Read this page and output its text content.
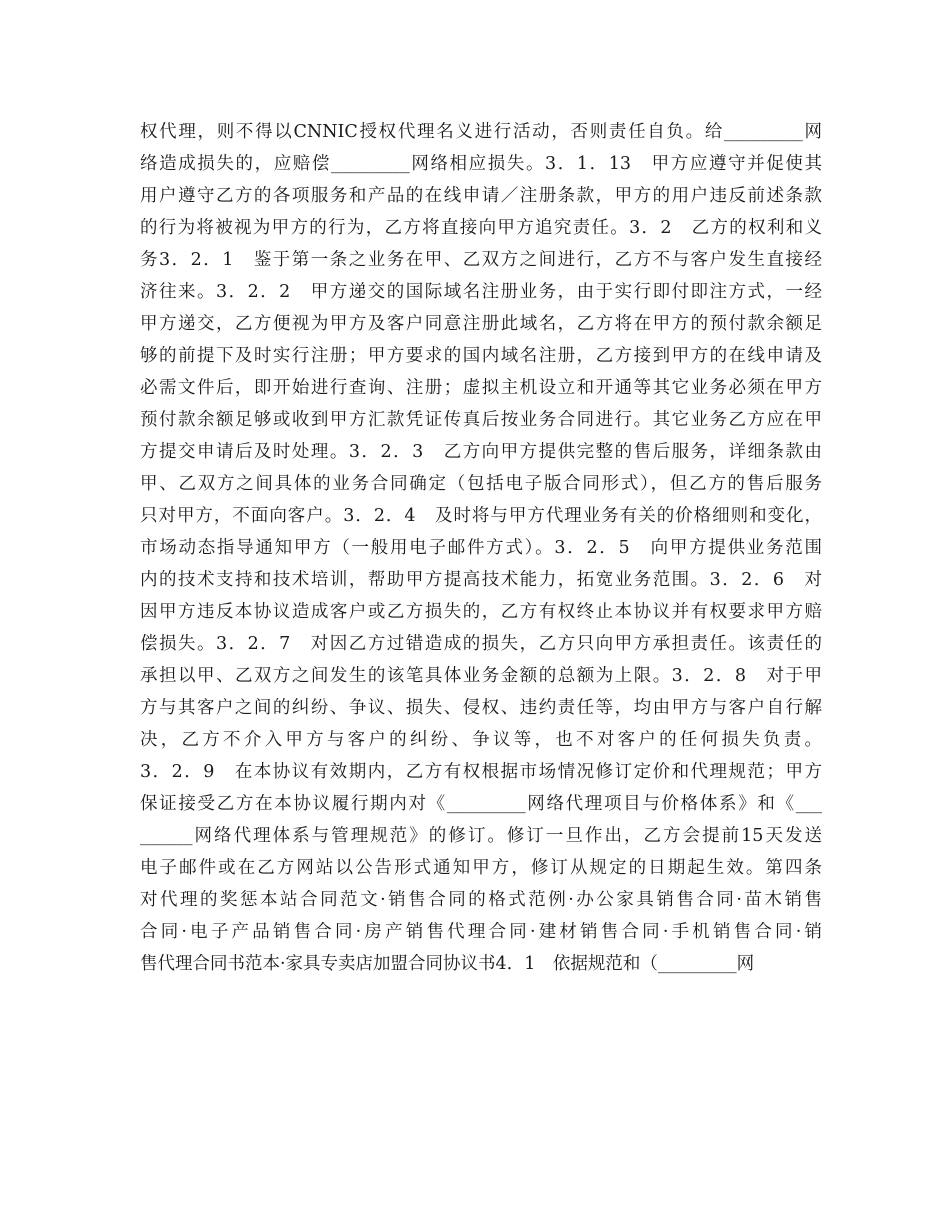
权代理，则不得以CNNIC授权代理名义进行活动，否则责任自负。给_________网
络造成损失的，应赔偿_________网络相应损失。3．1．13　甲方应遵守并促使其
用户遵守乙方的各项服务和产品的在线申请／注册条款，甲方的用户违反前述条款
的行为将被视为甲方的行为，乙方将直接向甲方追究责任。3．2　乙方的权利和义
务3．2．1　鉴于第一条之业务在甲、乙双方之间进行，乙方不与客户发生直接经
济往来。3．2．2　甲方递交的国际域名注册业务，由于实行即付即注方式，一经
甲方递交，乙方便视为甲方及客户同意注册此域名，乙方将在甲方的预付款余额足
够的前提下及时实行注册；甲方要求的国内域名注册，乙方接到甲方的在线申请及
必需文件后，即开始进行查询、注册；虚拟主机设立和开通等其它业务必须在甲方
预付款余额足够或收到甲方汇款凭证传真后按业务合同进行。其它业务乙方应在甲
方提交申请后及时处理。3．2．3　乙方向甲方提供完整的售后服务，详细条款由
甲、乙双方之间具体的业务合同确定（包括电子版合同形式），但乙方的售后服务
只对甲方，不面向客户。3．2．4　及时将与甲方代理业务有关的价格细则和变化，
市场动态指导通知甲方（一般用电子邮件方式）。3．2．5　向甲方提供业务范围
内的技术支持和技术培训，帮助甲方提高技术能力，拓宽业务范围。3．2．6　对
因甲方违反本协议造成客户或乙方损失的，乙方有权终止本协议并有权要求甲方赔
偿损失。3．2．7　对因乙方过错造成的损失，乙方只向甲方承担责任。该责任的
承担以甲、乙双方之间发生的该笔具体业务金额的总额为上限。3．2．8　对于甲
方与其客户之间的纠纷、争议、损失、侵权、违约责任等，均由甲方与客户自行解
决，乙方不介入甲方与客户的纠纷、争议等，也不对客户的任何损失负责。
3．2．9　在本协议有效期内，乙方有权根据市场情况修订定价和代理规范；甲方
保证接受乙方在本协议履行期内对《_________网络代理项目与价格体系》和《___
______网络代理体系与管理规范》的修订。修订一旦作出，乙方会提前15天发送
电子邮件或在乙方网站以公告形式通知甲方，修订从规定的日期起生效。第四条
对代理的奖惩本站合同范文·销售合同的格式范例·办公家具销售合同·苗木销售
合同·电子产品销售合同·房产销售代理合同·建材销售合同·手机销售合同·销
售代理合同书范本·家具专卖店加盟合同协议书4．1　依据规范和（_________网
